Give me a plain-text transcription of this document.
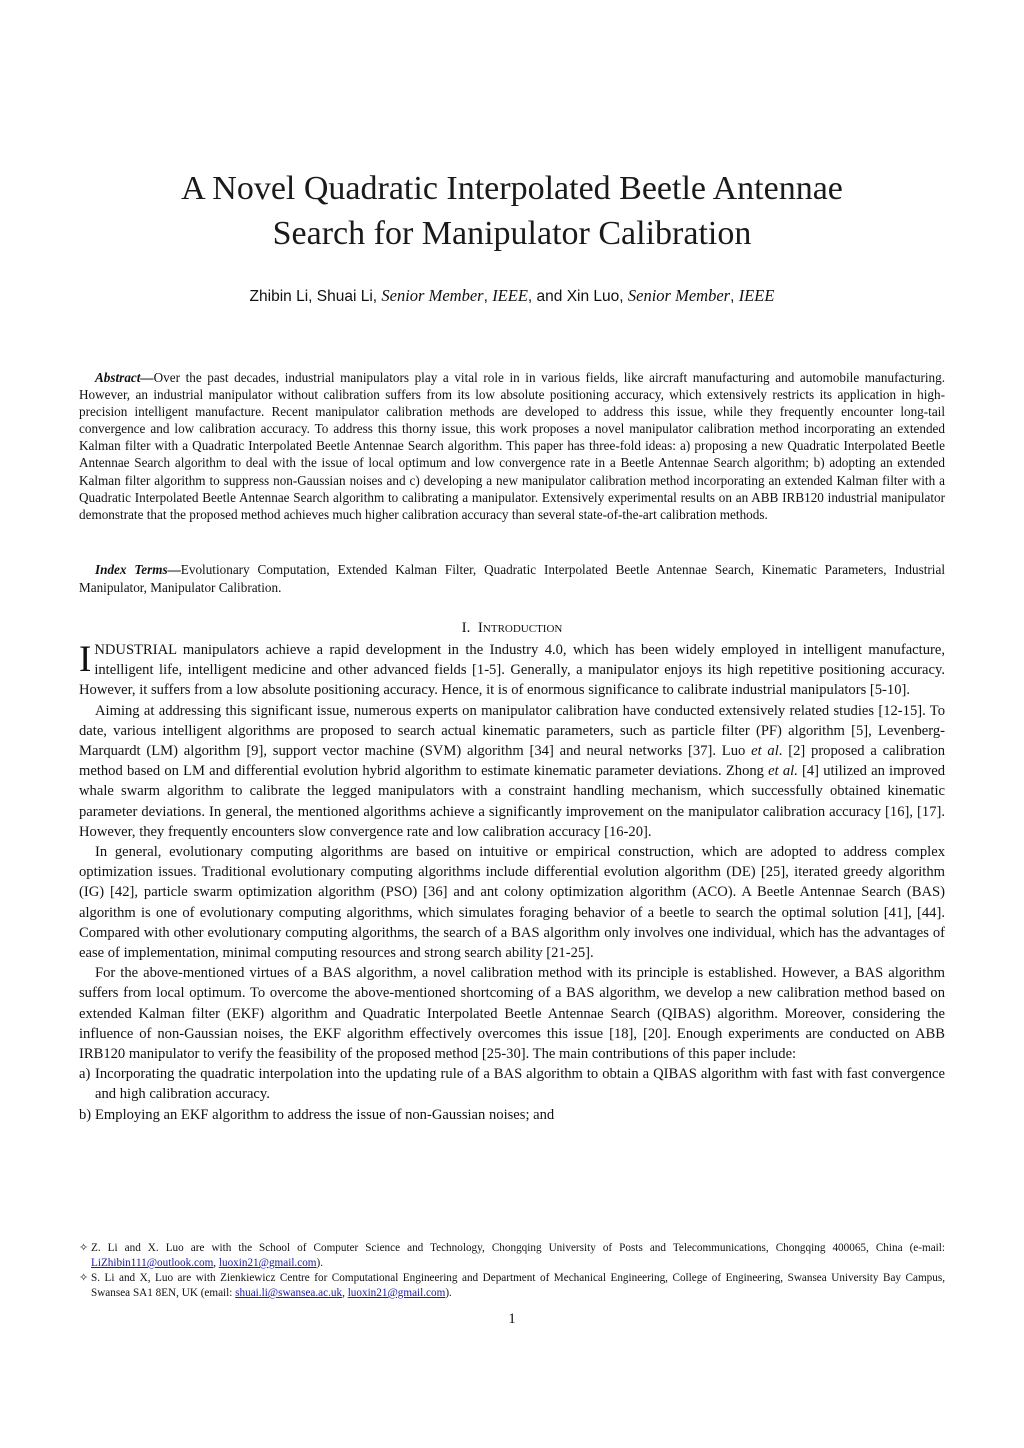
A Novel Quadratic Interpolated Beetle Antennae
Search for Manipulator Calibration
Zhibin Li, Shuai Li, Senior Member, IEEE, and Xin Luo, Senior Member, IEEE
Abstract—Over the past decades, industrial manipulators play a vital role in in various fields, like aircraft manufacturing and automobile manufacturing. However, an industrial manipulator without calibration suffers from its low absolute positioning accuracy, which extensively restricts its application in high-precision intelligent manufacture. Recent manipulator calibration methods are developed to address this issue, while they frequently encounter long-tail convergence and low calibration accuracy. To address this thorny issue, this work proposes a novel manipulator calibration method incorporating an extended Kalman filter with a Quadratic Interpolated Beetle Antennae Search algorithm. This paper has three-fold ideas: a) proposing a new Quadratic Interpolated Beetle Antennae Search algorithm to deal with the issue of local optimum and low convergence rate in a Beetle Antennae Search algorithm; b) adopting an extended Kalman filter algorithm to suppress non-Gaussian noises and c) developing a new manipulator calibration method incorporating an extended Kalman filter with a Quadratic Interpolated Beetle Antennae Search algorithm to calibrating a manipulator. Extensively experimental results on an ABB IRB120 industrial manipulator demonstrate that the proposed method achieves much higher calibration accuracy than several state-of-the-art calibration methods.
Index Terms—Evolutionary Computation, Extended Kalman Filter, Quadratic Interpolated Beetle Antennae Search, Kinematic Parameters, Industrial Manipulator, Manipulator Calibration.
I. Introduction

INDUSTRIAL manipulators achieve a rapid development in the Industry 4.0, which has been widely employed in intelligent manufacture, intelligent life, intelligent medicine and other advanced fields [1-5]. Generally, a manipulator enjoys its high repetitive positioning accuracy. However, it suffers from a low absolute positioning accuracy. Hence, it is of enormous significance to calibrate industrial manipulators [5-10].

Aiming at addressing this significant issue, numerous experts on manipulator calibration have conducted extensively related studies [12-15]. To date, various intelligent algorithms are proposed to search actual kinematic parameters, such as particle filter (PF) algorithm [5], Levenberg-Marquardt (LM) algorithm [9], support vector machine (SVM) algorithm [34] and neural networks [37]. Luo et al. [2] proposed a calibration method based on LM and differential evolution hybrid algorithm to estimate kinematic parameter deviations. Zhong et al. [4] utilized an improved whale swarm algorithm to calibrate the legged manipulators with a constraint handling mechanism, which successfully obtained kinematic parameter deviations. In general, the mentioned algorithms achieve a significantly improvement on the manipulator calibration accuracy [16], [17]. However, they frequently encounters slow convergence rate and low calibration accuracy [16-20].

In general, evolutionary computing algorithms are based on intuitive or empirical construction, which are adopted to address complex optimization issues. Traditional evolutionary computing algorithms include differential evolution algorithm (DE) [25], iterated greedy algorithm (IG) [42], particle swarm optimization algorithm (PSO) [36] and ant colony optimization algorithm (ACO). A Beetle Antennae Search (BAS) algorithm is one of evolutionary computing algorithms, which simulates foraging behavior of a beetle to search the optimal solution [41], [44]. Compared with other evolutionary computing algorithms, the search of a BAS algorithm only involves one individual, which has the advantages of ease of implementation, minimal computing resources and strong search ability [21-25].

For the above-mentioned virtues of a BAS algorithm, a novel calibration method with its principle is established. However, a BAS algorithm suffers from local optimum. To overcome the above-mentioned shortcoming of a BAS algorithm, we develop a new calibration method based on extended Kalman filter (EKF) algorithm and Quadratic Interpolated Beetle Antennae Search (QIBAS) algorithm. Moreover, considering the influence of non-Gaussian noises, the EKF algorithm effectively overcomes this issue [18], [20]. Enough experiments are conducted on ABB IRB120 manipulator to verify the feasibility of the proposed method [25-30]. The main contributions of this paper include:

a) Incorporating the quadratic interpolation into the updating rule of a BAS algorithm to obtain a QIBAS algorithm with fast with fast convergence and high calibration accuracy.
b) Employing an EKF algorithm to address the issue of non-Gaussian noises; and
✧ Z. Li and X. Luo are with the School of Computer Science and Technology, Chongqing University of Posts and Telecommunications, Chongqing 400065, China (e-mail: LiZhibin111@outlook.com, luoxin21@gmail.com).
✧ S. Li and X, Luo are with Zienkiewicz Centre for Computational Engineering and Department of Mechanical Engineering, College of Engineering, Swansea University Bay Campus, Swansea SA1 8EN, UK (email: shuai.li@swansea.ac.uk, luoxin21@gmail.com).
1
